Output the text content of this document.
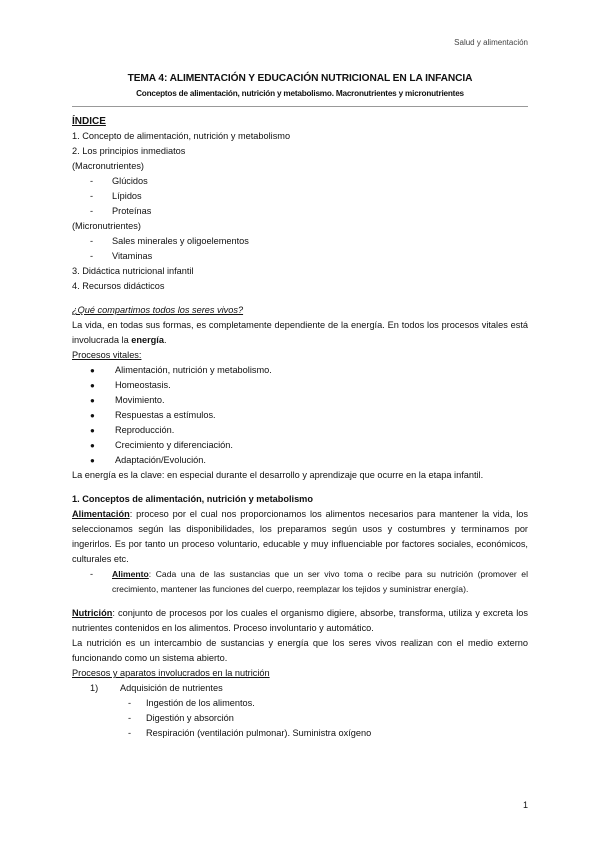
Salud y alimentación
TEMA 4: ALIMENTACIÓN Y EDUCACIÓN NUTRICIONAL EN LA INFANCIA
Conceptos de alimentación, nutrición y metabolismo. Macronutrientes y micronutrientes

ÍNDICE

1. Concepto de alimentación, nutrición y metabolismo

2. Los principios inmediatos

(Macronutrientes)

-	Glúcidos
-	Lípidos
-	Proteínas

(Micronutrientes)

-	Sales minerales y oligoelementos
-	Vitaminas

3. Didáctica nutricional infantil

4. Recursos didácticos

¿Qué compartimos todos los seres vivos?

La vida, en todas sus formas, es completamente dependiente de la energía. En todos los procesos vitales está involucrada la energía.

Procesos vitales:

●	Alimentación, nutrición y metabolismo.
●	Homeostasis.
●	Movimiento.
●	Respuestas a estímulos.
●	Reproducción.
●	Crecimiento y diferenciación.
●	Adaptación/Evolución.

La energía es la clave: en especial durante el desarrollo y aprendizaje que ocurre en la etapa infantil.

1. Conceptos de alimentación, nutrición y metabolismo

Alimentación: proceso por el cual nos proporcionamos los alimentos necesarios para mantener la vida, los seleccionamos según las disponibilidades, los preparamos según usos y costumbres y terminamos por ingerirlos. Es por tanto un proceso voluntario, educable y muy influenciable por factores sociales, económicos, culturales etc.

-	Alimento: Cada una de las sustancias que un ser vivo toma o recibe para su nutrición (promover el crecimiento, mantener las funciones del cuerpo, reemplazar los tejidos y suministrar energía).

Nutrición: conjunto de procesos por los cuales el organismo digiere, absorbe, transforma, utiliza y excreta los nutrientes contenidos en los alimentos. Proceso involuntario y automático.

La nutrición es un intercambio de sustancias y energía que los seres vivos realizan con el medio externo funcionando como un sistema abierto.

Procesos y aparatos involucrados en la nutrición

1)	Adquisición de nutrientes
-	Ingestión de los alimentos.
-	Digestión y absorción
-	Respiración (ventilación pulmonar). Suministra oxígeno
1
